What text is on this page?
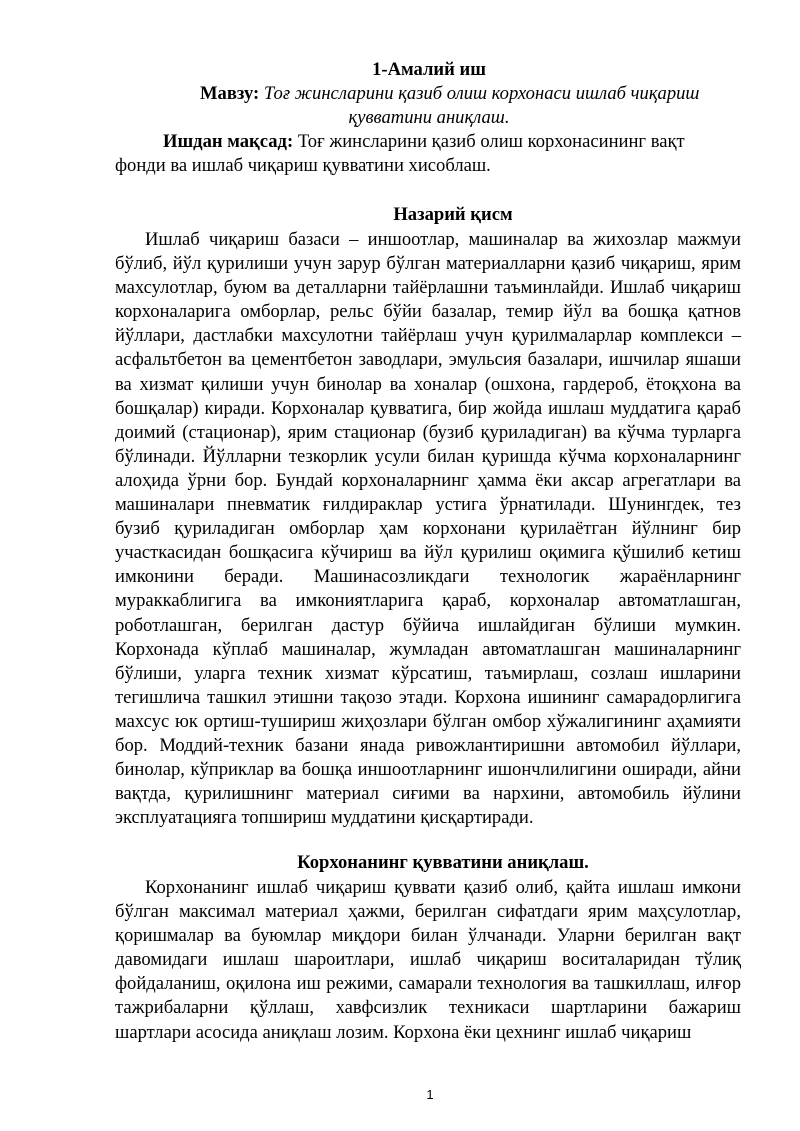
1-Амалий иш
Мавзу: Тоғ жинсларини қазиб олиш корхонаси ишлаб чиқариш
қувватини аниқлаш.
Ишдан мақсад: Тоғ жинсларини қазиб олиш корхонасининг вақт
фонди ва ишлаб чиқариш қувватини хисоблаш.
Назарий қисм
Ишлаб чиқариш базаси – иншоотлар, машиналар ва жихозлар мажмуи
бўлиб, йўл қурилиши учун зарур бўлган материалларни қазиб чиқариш, ярим
махсулотлар, буюм ва деталларни тайёрлашни таъминлайди. Ишлаб чиқариш
корхоналарига омборлар, рельс бўйи базалар, темир йўл ва бошқа қатнов
йўллари, дастлабки махсулотни тайёрлаш учун қурилмаларлар комплекси –
асфальтбетон ва цементбетон заводлари, эмульсия базалари, ишчилар яшаши
ва хизмат қилиши учун бинолар ва хоналар (ошхона, гардероб, ётоқхона ва
бошқалар) киради. Корхоналар қувватига, бир жойда ишлаш муддатига қараб
доимий (стационар), ярим стационар (бузиб қуриладиган) ва кўчма турларга
бўлинади. Йўлларни тезкорлик усули билан қуришда кўчма корхоналарнинг
алоҳида ўрни бор. Бундай корхоналарнинг ҳамма ёки аксар агрегатлари ва
машиналари пневматик ғилдираклар устига ўрнатилади. Шунингдек, тез
бузиб қуриладиган омборлар ҳам корхонани қурилаётган йўлнинг бир
участкасидан бошқасига кўчириш ва йўл қурилиш оқимига қўшилиб кетиш
имконини беради. Машинасозликдаги технологик жараёнларнинг
мураккаблигига ва имкониятларига қараб, корхоналар автоматлашган,
роботлашган, берилган дастур бўйича ишлайдиган бўлиши мумкин.
Корхонада кўплаб машиналар, жумладан автоматлашган машиналарнинг
бўлиши, уларга техник хизмат кўрсатиш, таъмирлаш, созлаш ишларини
тегишлича ташкил этишни тақозо этади. Корхона ишининг самарадорлигига
махсус юк ортиш-тушириш жиҳозлари бўлган омбор хўжалигининг аҳамияти
бор. Моддий-техник базани янада ривожлантиришни автомобил йўллари,
бинолар, кўприклар ва бошқа иншоотларнинг ишончлилигини оширади, айни
вақтда, қурилишнинг материал сиғими ва нархини, автомобиль йўлини
эксплуатацияга топшириш муддатини қисқартиради.
Корхонанинг қувватини аниқлаш.
Корхонанинг ишлаб чиқариш қуввати қазиб олиб, қайта ишлаш имкони
бўлган максимал материал ҳажми, берилган сифатдаги ярим маҳсулотлар,
қоришмалар ва буюмлар миқдори билан ўлчанади. Уларни берилган вақт
давомидаги ишлаш шароитлари, ишлаб чиқариш воситаларидан тўлиқ
фойдаланиш, оқилона иш режими, самарали технология ва ташкиллаш, илғор
тажрибаларни қўллаш, хавфсизлик техникаси шартларини бажариш
шартлари асосида аниқлаш лозим. Корхона ёки цехнинг ишлаб чиқариш
1
